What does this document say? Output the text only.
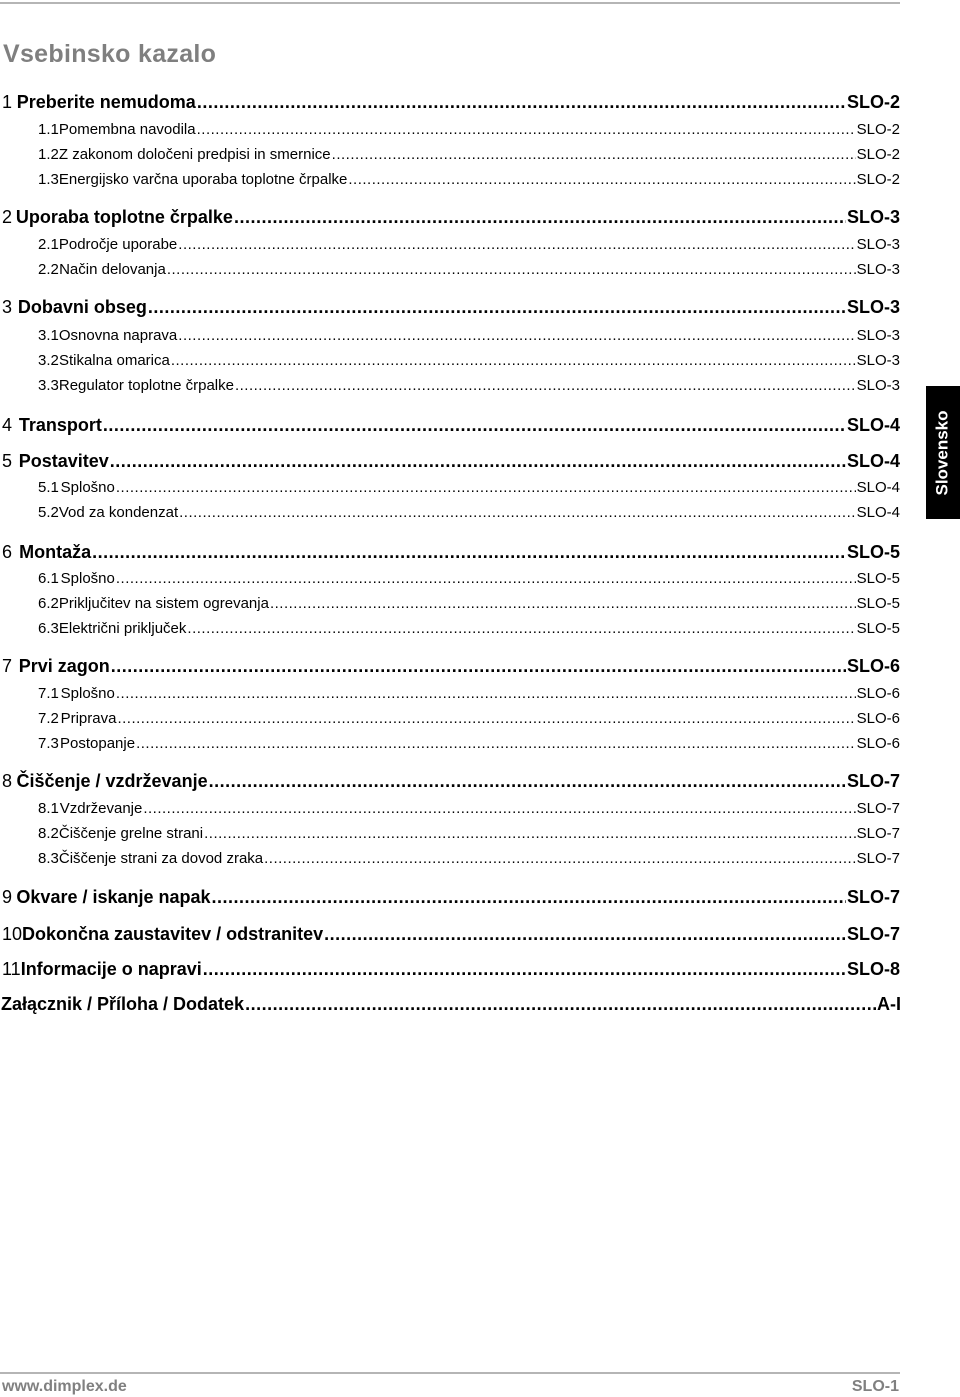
Vsebinsko kazalo
1 Preberite nemudoma .....	SLO-2
1.1 Pomembna navodila .....	SLO-2
1.2 Z zakonom določeni predpisi in smernice .....	SLO-2
1.3 Energijsko varčna uporaba toplotne črpalke .....	SLO-2
2 Uporaba toplotne črpalke .....	SLO-3
2.1 Področje uporabe .....	SLO-3
2.2 Način delovanja .....	SLO-3
3 Dobavni obseg .....	SLO-3
3.1 Osnovna naprava .....	SLO-3
3.2 Stikalna omarica .....	SLO-3
3.3 Regulator toplotne črpalke .....	SLO-3
4 Transport .....	SLO-4
5 Postavitev .....	SLO-4
5.1 Splošno .....	SLO-4
5.2 Vod za kondenzat .....	SLO-4
6 Montaža .....	SLO-5
6.1 Splošno .....	SLO-5
6.2 Priključitev na sistem ogrevanja .....	SLO-5
6.3 Električni priključek .....	SLO-5
7 Prvi zagon .....	SLO-6
7.1 Splošno .....	SLO-6
7.2 Priprava .....	SLO-6
7.3 Postopanje .....	SLO-6
8 Čiščenje / vzdrževanje .....	SLO-7
8.1 Vzdrževanje .....	SLO-7
8.2 Čiščenje grelne strani .....	SLO-7
8.3 Čiščenje strani za dovod zraka .....	SLO-7
9 Okvare / iskanje napak .....	SLO-7
10 Dokončna zaustavitev / odstranitev .....	SLO-7
11 Informacije o napravi .....	SLO-8
Załącznik / Příloha / Dodatek .....	A-I
Slovensko
www.dimplex.de	SLO-1
